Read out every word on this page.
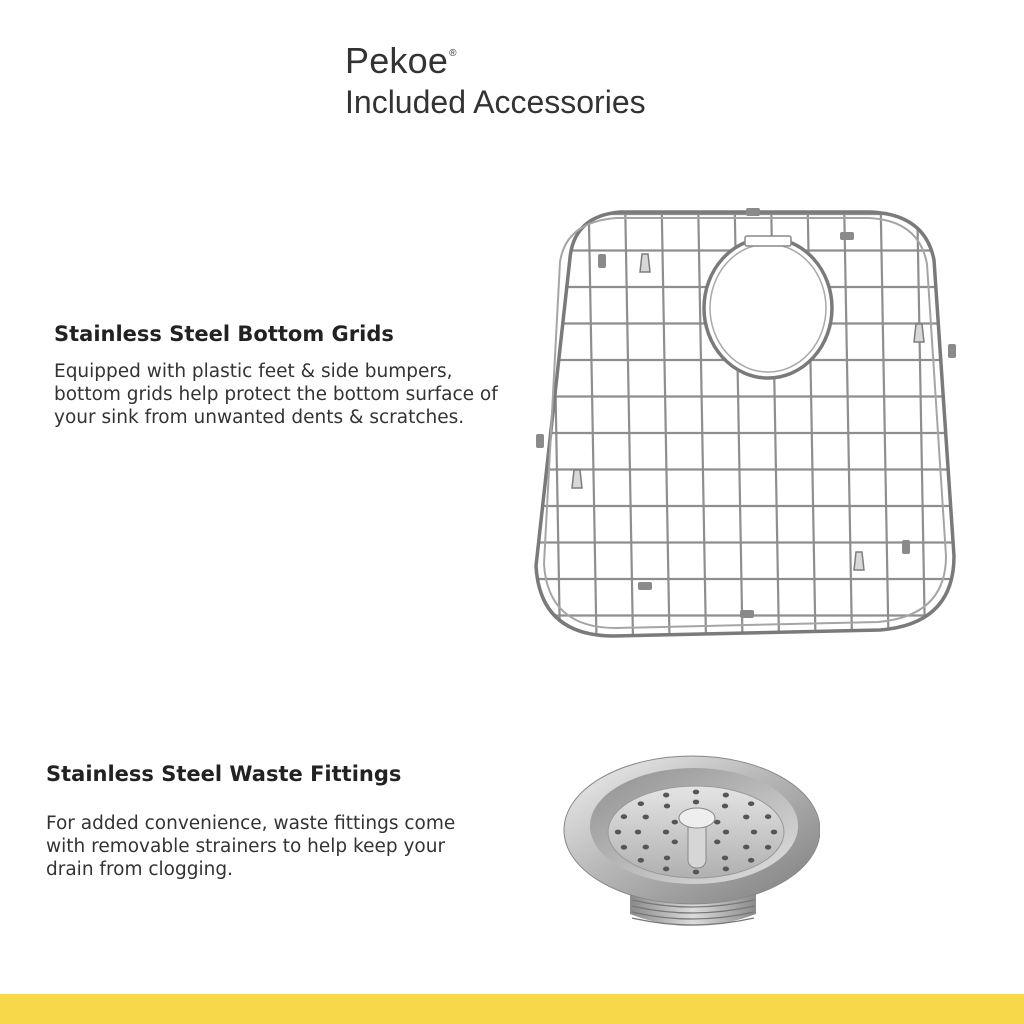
Pekoe®
Included Accessories
Stainless Steel Bottom Grids
Equipped with plastic feet & side bumpers, bottom grids help protect the bottom surface of your sink from unwanted dents & scratches.
Stainless Steel Waste Fittings
For added convenience, waste fittings come with removable strainers to help keep your drain from clogging.
